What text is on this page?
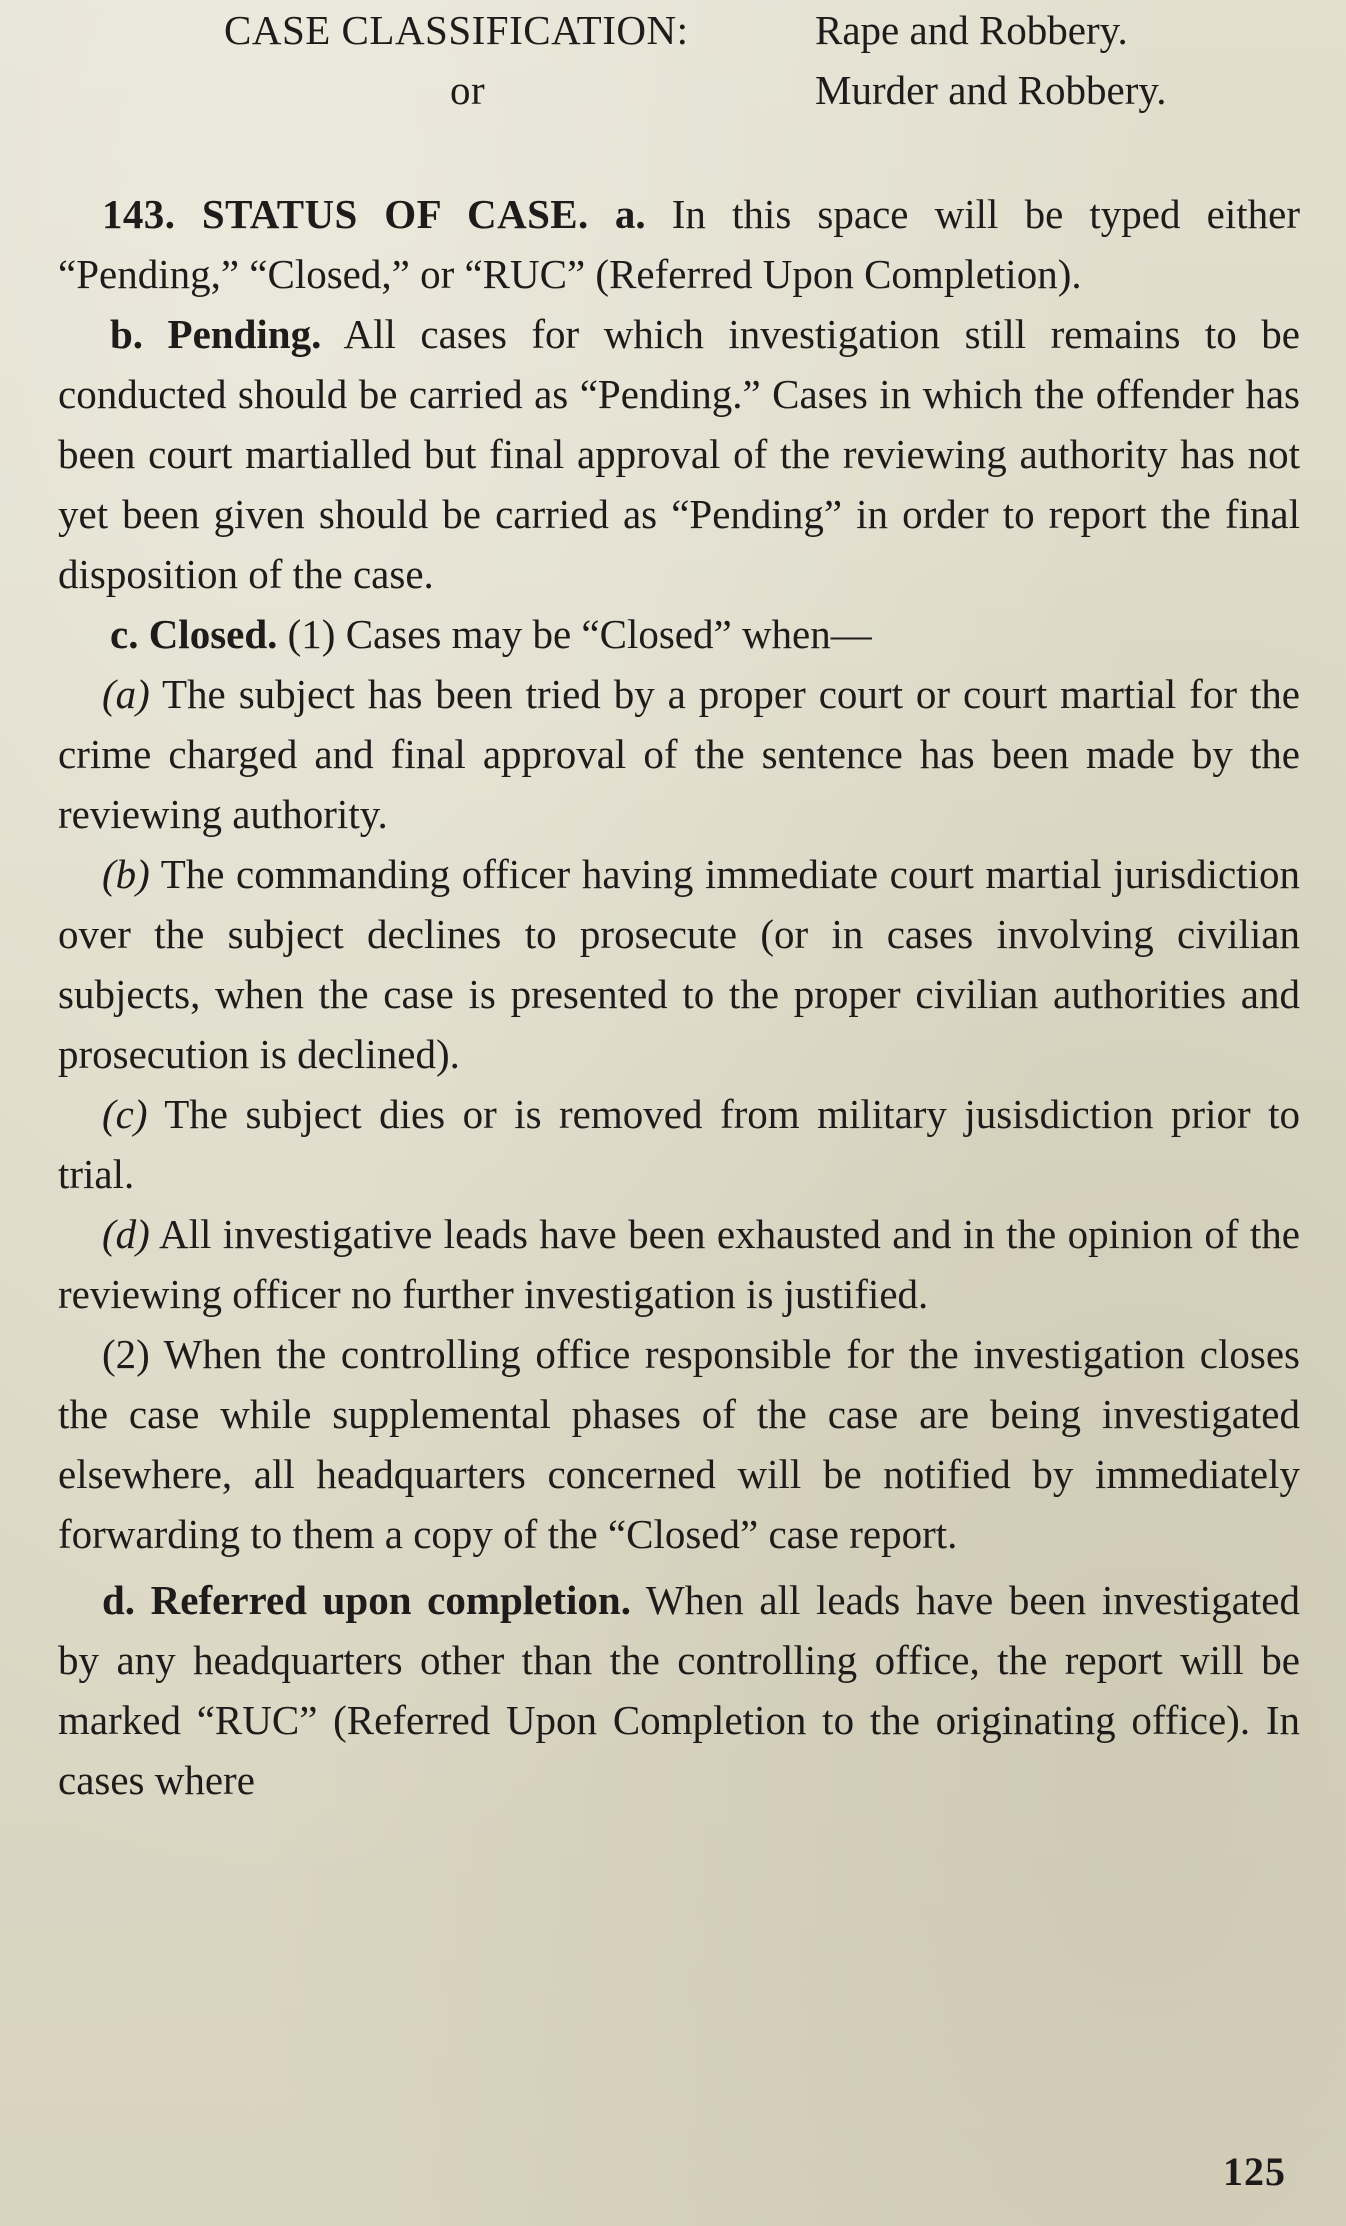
CASE CLASSIFICATION:	Rape and Robbery.
or	Murder and Robbery.

143. STATUS OF CASE. a. In this space will be typed either “Pending,” “Closed,” or “RUC” (Referred Upon Completion).

b. Pending. All cases for which investigation still remains to be conducted should be carried as “Pending.” Cases in which the offender has been court martialled but final approval of the reviewing authority has not yet been given should be carried as “Pending” in order to report the final disposition of the case.

c. Closed. (1) Cases may be “Closed” when—

(a) The subject has been tried by a proper court or court martial for the crime charged and final approval of the sentence has been made by the reviewing authority.

(b) The commanding officer having immediate court martial jurisdiction over the subject declines to prosecute (or in cases involving civilian subjects, when the case is presented to the proper civilian authorities and prosecution is declined).

(c) The subject dies or is removed from military jusisdiction prior to trial.

(d) All investigative leads have been exhausted and in the opinion of the reviewing officer no further investigation is justified.

(2) When the controlling office responsible for the investigation closes the case while supplemental phases of the case are being investigated elsewhere, all headquarters concerned will be notified by immediately forwarding to them a copy of the “Closed” case report.

d. Referred upon completion. When all leads have been investigated by any headquarters other than the controlling office, the report will be marked “RUC” (Referred Upon Completion to the originating office). In cases where

125
